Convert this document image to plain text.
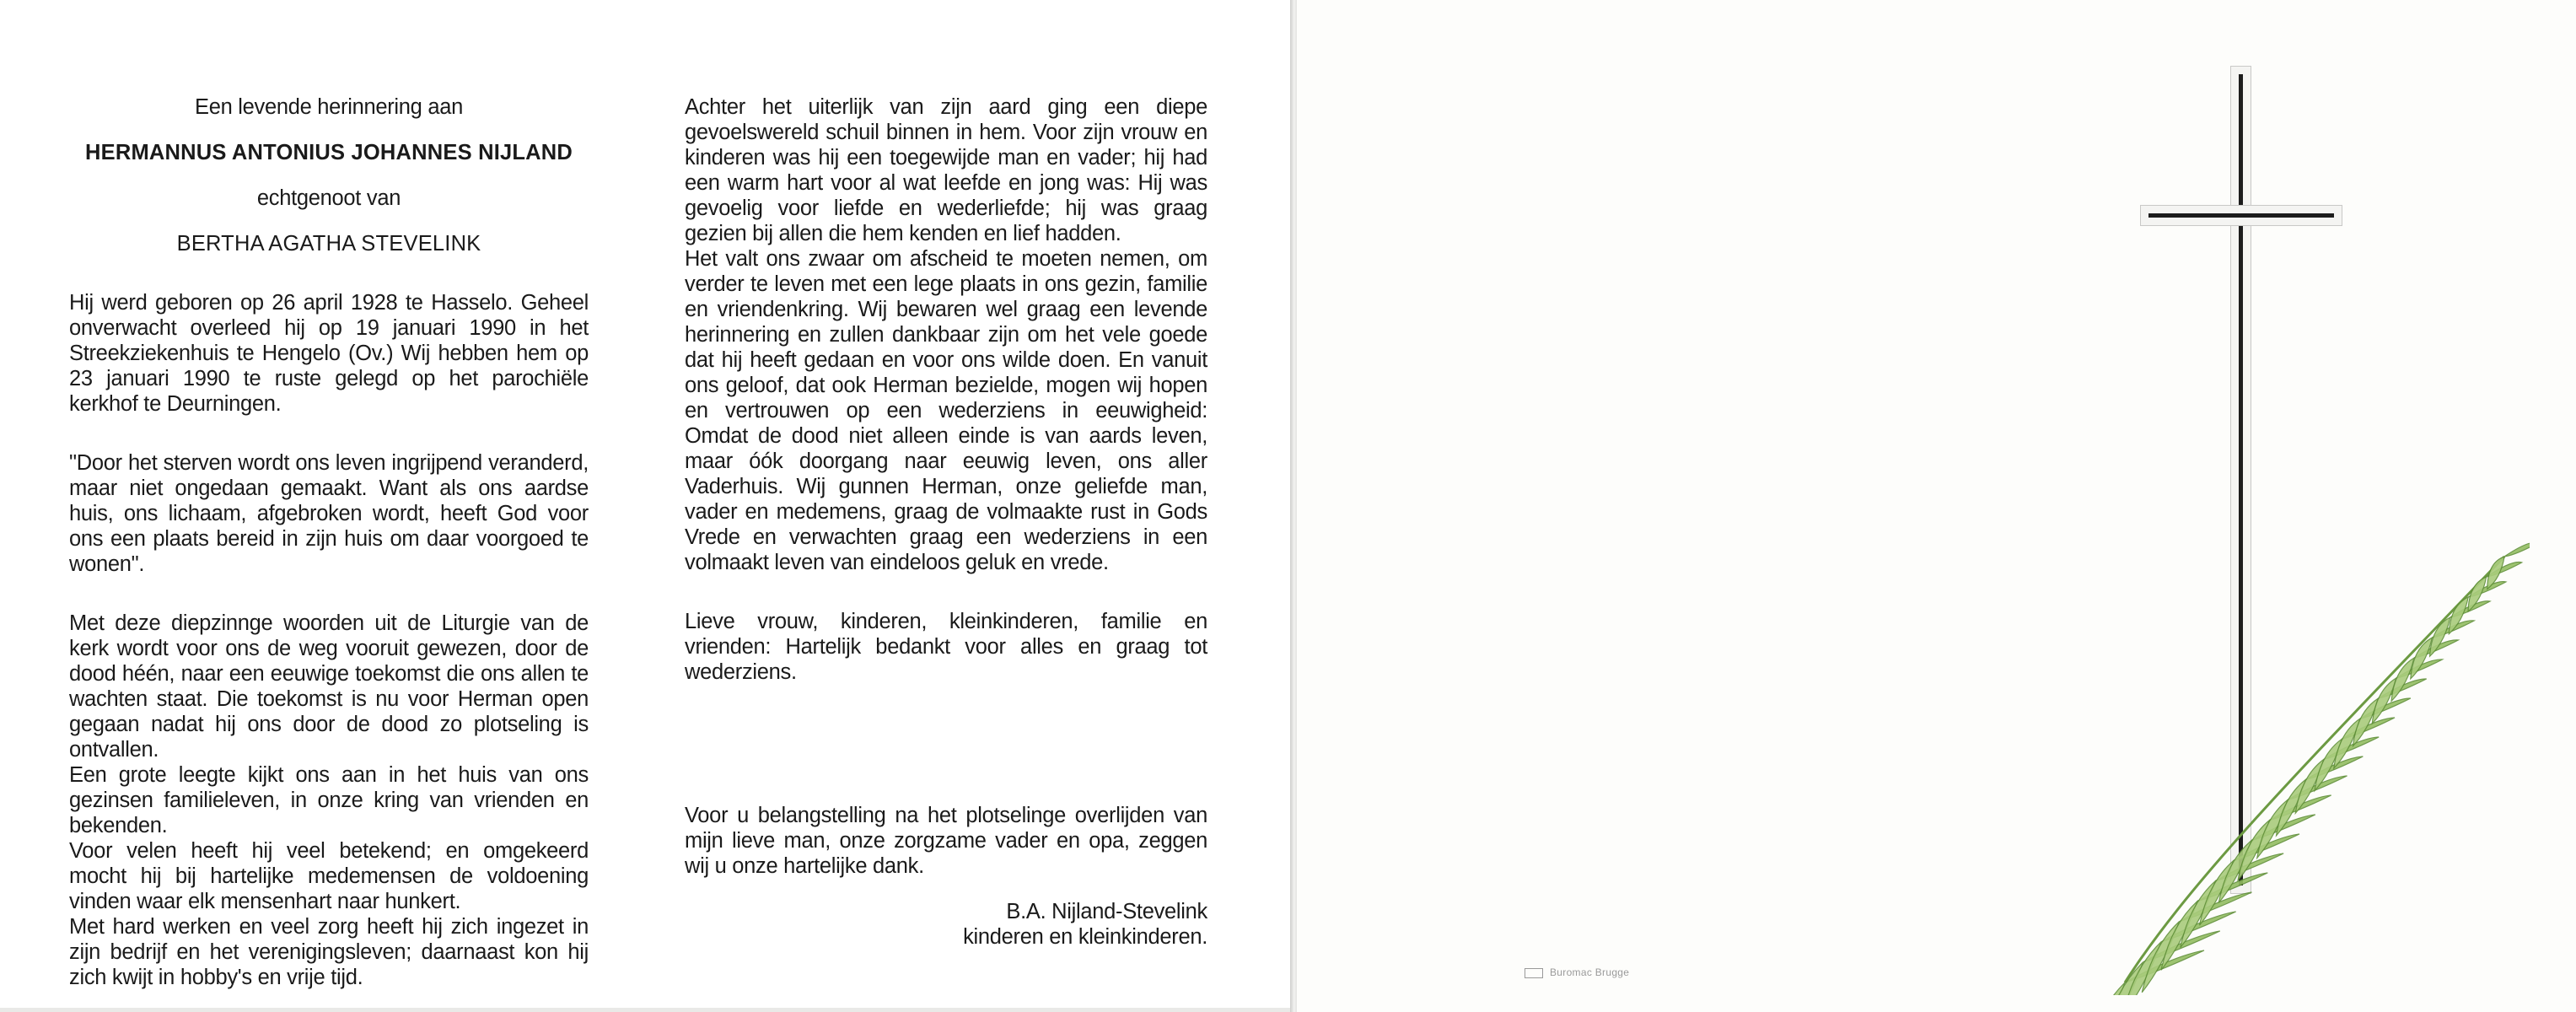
Een levende herinnering aan
HERMANNUS ANTONIUS JOHANNES NIJLAND
echtgenoot van
BERTHA AGATHA STEVELINK

Hij werd geboren op 26 april 1928 te Hasselo. Geheel onverwacht overleed hij op 19 januari 1990 in het Streekziekenhuis te Hengelo (Ov.) Wij hebben hem op 23 januari 1990 te ruste gelegd op het parochiële kerkhof te Deurningen.

"Door het sterven wordt ons leven ingrijpend veranderd, maar niet ongedaan gemaakt. Want als ons aardse huis, ons lichaam, afgebroken wordt, heeft God voor ons een plaats bereid in zijn huis om daar voorgoed te wonen".

Met deze diepzinnge woorden uit de Liturgie van de kerk wordt voor ons de weg vooruit gewezen, door de dood héén, naar een eeuwige toekomst die ons allen te wachten staat. Die toekomst is nu voor Herman open gegaan nadat hij ons door de dood zo plotseling is ontvallen.

Een grote leegte kijkt ons aan in het huis van ons gezinsen familieleven, in onze kring van vrienden en bekenden.

Voor velen heeft hij veel betekend; en omgekeerd mocht hij bij hartelijke medemensen de voldoening vinden waar elk mensenhart naar hunkert.

Met hard werken en veel zorg heeft hij zich ingezet in zijn bedrijf en het verenigingsleven; daarnaast kon hij zich kwijt in hobby's en vrije tijd.

Achter het uiterlijk van zijn aard ging een diepe gevoelswereld schuil binnen in hem. Voor zijn vrouw en kinderen was hij een toegewijde man en vader; hij had een warm hart voor al wat leefde en jong was: Hij was gevoelig voor liefde en wederliefde; hij was graag gezien bij allen die hem kenden en lief hadden.

Het valt ons zwaar om afscheid te moeten nemen, om verder te leven met een lege plaats in ons gezin, familie en vriendenkring. Wij bewaren wel graag een levende herinnering en zullen dankbaar zijn om het vele goede dat hij heeft gedaan en voor ons wilde doen. En vanuit ons geloof, dat ook Herman bezielde, mogen wij hopen en vertrouwen op een wederziens in eeuwigheid: Omdat de dood niet alleen einde is van aards leven, maar óók doorgang naar eeuwig leven, ons aller Vaderhuis. Wij gunnen Herman, onze geliefde man, vader en medemens, graag de volmaakte rust in Gods Vrede en verwachten graag een wederziens in een volmaakt leven van eindeloos geluk en vrede.

Lieve vrouw, kinderen, kleinkinderen, familie en vrienden: Hartelijk bedankt voor alles en graag tot wederziens.

Voor u belangstelling na het plotselinge overlijden van mijn lieve man, onze zorgzame vader en opa, zeggen wij u onze hartelijke dank.

B.A. Nijland-Stevelink

kinderen en kleinkinderen.

Buromac Brugge
